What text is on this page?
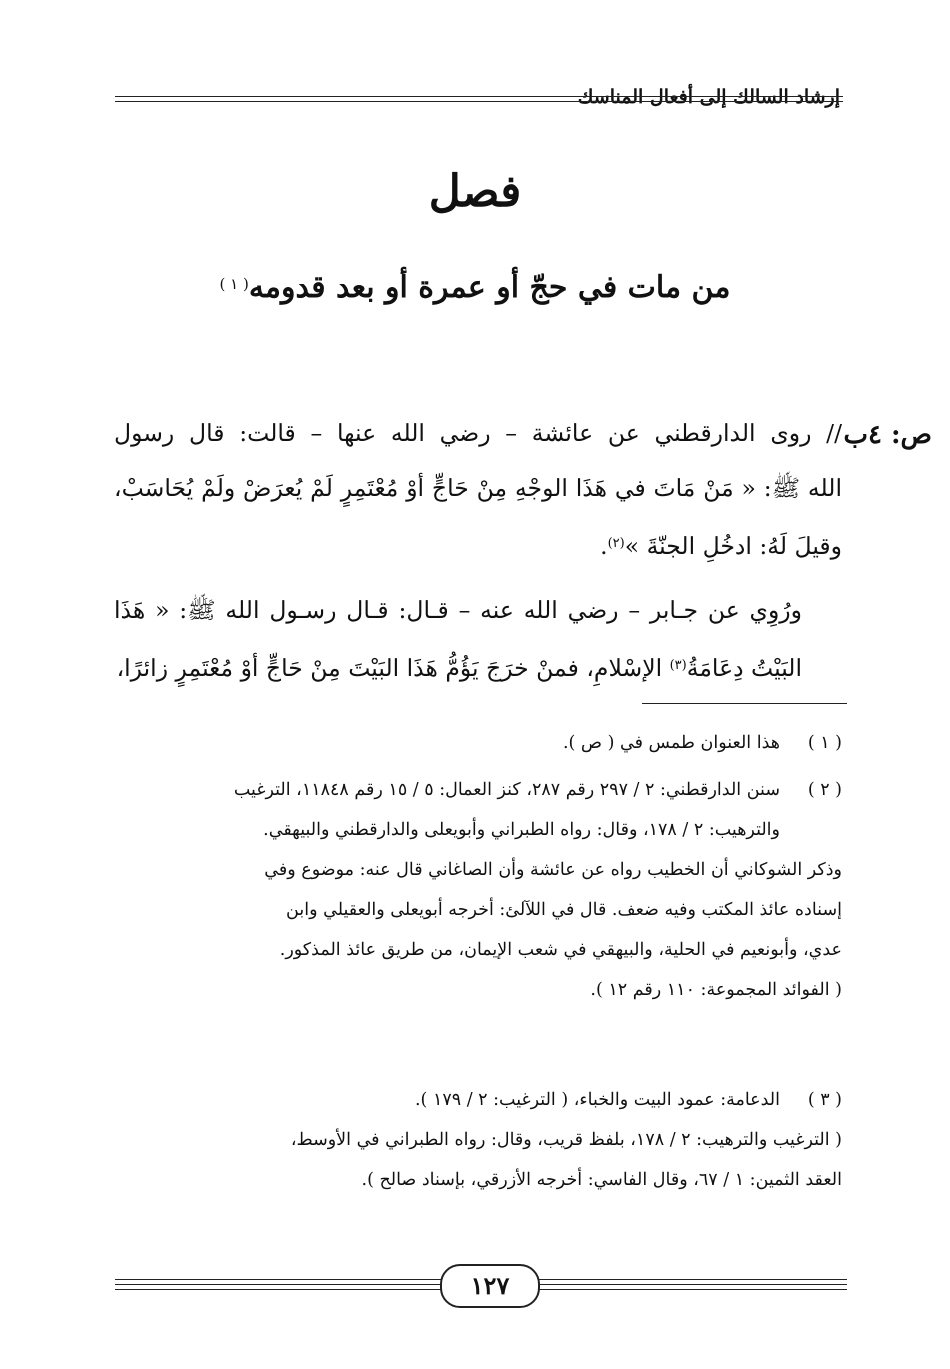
إرشاد السالك إلى أفعال المناسك
فصل
من مات في حجّ أو عمرة أو بعد قدومه$^{( ١ )}$
ص: ٤ب
// روى الدارقطني عن عائشة – رضي الله عنها – قالت: قال رسول
الله ﷺ: « مَنْ مَاتَ في هَذَا الوجْهِ مِنْ حَاجٍّ أوْ مُعْتَمِرٍ لَمْ يُعرَضْ ولَمْ يُحَاسَبْ،
وقيلَ لَهُ: ادخُلِ الجنّةَ »$^{(٢)}$.
ورُوِي عن جـابر – رضي الله عنه – قـال: قـال رسـول الله ﷺ: « هَذَا
البَيْتُ دِعَامَةُ$^{(٣)}$ الإسْلامِ، فمنْ خرَجَ يَؤُمُّ هَذَا البَيْتَ مِنْ حَاجٍّ أوْ مُعْتَمِرٍ زائرًا،
( ١ )
هذا العنوان طمس في ( ص ).
( ٢ )
سنن الدارقطني: ٢ / ٢٩٧ رقم ٢٨٧، كنز العمال: ٥ / ١٥ رقم ١١٨٤٨، الترغيب
والترهيب: ٢ / ١٧٨، وقال: رواه الطبراني وأبويعلى والدارقطني والبيهقي.
وذكر الشوكاني أن الخطيب رواه عن عائشة وأن الصاغاني قال عنه: موضوع وفي
إسناده عائذ المكتب وفيه ضعف. قال في اللآلئ: أخرجه أبويعلى والعقيلي وابن
عدي، وأبونعيم في الحلية، والبيهقي في شعب الإيمان، من طريق عائذ المذكور.
( الفوائد المجموعة: ١١٠ رقم ١٢ ).
( ٣ )
الدعامة: عمود البيت والخباء، ( الترغيب: ٢ / ١٧٩ ).
( الترغيب والترهيب: ٢ / ١٧٨، بلفظ قريب، وقال: رواه الطبراني في الأوسط،
العقد الثمين: ١ / ٦٧، وقال الفاسي: أخرجه الأزرقي، بإسناد صالح ).
١٢٧
